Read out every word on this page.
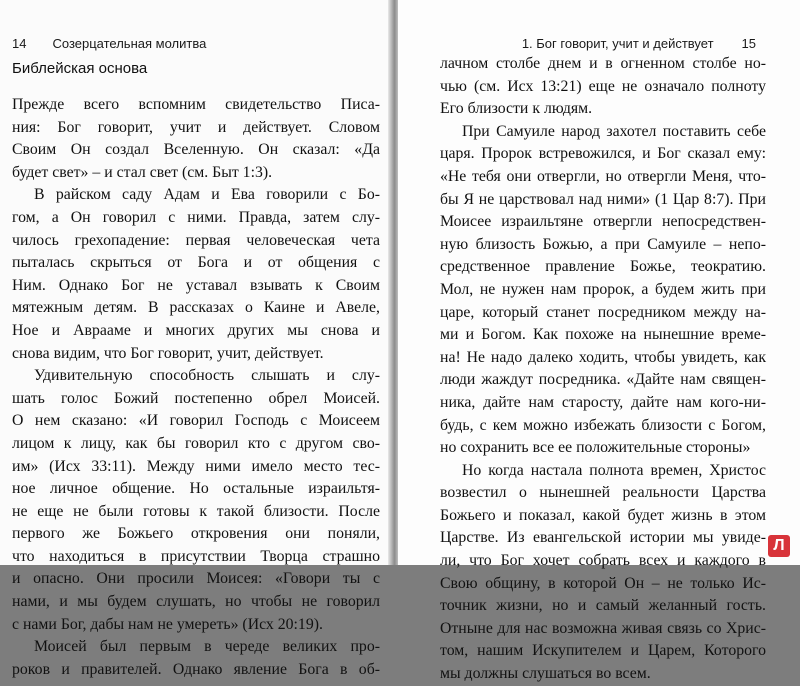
14 Созерцательная молитва
Библейская основа
Прежде всего вспомним свидетельство Писа-
ния: Бог говорит, учит и действует. Словом
Своим Он создал Вселенную. Он сказал: «Да
будет свет» – и стал свет (см. Быт 1:3).
В райском саду Адам и Ева говорили с Бо-
гом, а Он говорил с ними. Правда, затем слу-
чилось грехопадение: первая человеческая чета
пыталась скрыться от Бога и от общения с
Ним. Однако Бог не уставал взывать к Своим
мятежным детям. В рассказах о Каине и Авеле,
Ное и Аврааме и многих других мы снова и
снова видим, что Бог говорит, учит, действует.
Удивительную способность слышать и слу-
шать голос Божий постепенно обрел Моисей.
О нем сказано: «И говорил Господь с Моисеем
лицом к лицу, как бы говорил кто с другом сво-
им» (Исх 33:11). Между ними имело место тес-
ное личное общение. Но остальные израильтя-
не еще не были готовы к такой близости. После
первого же Божьего откровения они поняли,
что находиться в присутствии Творца страшно
и опасно. Они просили Моисея: «Говори ты с
нами, и мы будем слушать, но чтобы не говорил
с нами Бог, дабы нам не умереть» (Исх 20:19).
Моисей был первым в череде великих про-
роков и правителей. Однако явление Бога в об-
1. Бог говорит, учит и действует 15
лачном столбе днем и в огненном столбе но-
чью (см. Исх 13:21) еще не означало полноту
Его близости к людям.
При Самуиле народ захотел поставить себе
царя. Пророк встревожился, и Бог сказал ему:
«Не тебя они отвергли, но отвергли Меня, что-
бы Я не царствовал над ними» (1 Цар 8:7). При
Моисее израильтяне отвергли непосредствен-
ную близость Божью, а при Самуиле – непо-
средственное правление Божье, теократию.
Мол, не нужен нам пророк, а будем жить при
царе, который станет посредником между на-
ми и Богом. Как похоже на нынешние време-
на! Не надо далеко ходить, чтобы увидеть, как
люди жаждут посредника. «Дайте нам священ-
ника, дайте нам старосту, дайте нам кого-ни-
будь, с кем можно избежать близости с Богом,
но сохранить все ее положительные стороны»
Но когда настала полнота времен, Христос
возвестил о нынешней реальности Царства
Божьего и показал, какой будет жизнь в этом
Царстве. Из евангельской истории мы увиде-
ли, что Бог хочет собрать всех и каждого в
Свою общину, в которой Он – не только Ис-
точник жизни, но и самый желанный гость.
Отныне для нас возможна живая связь со Хрис-
том, нашим Искупителем и Царем, Которого
мы должны слушаться во всем.
Л
